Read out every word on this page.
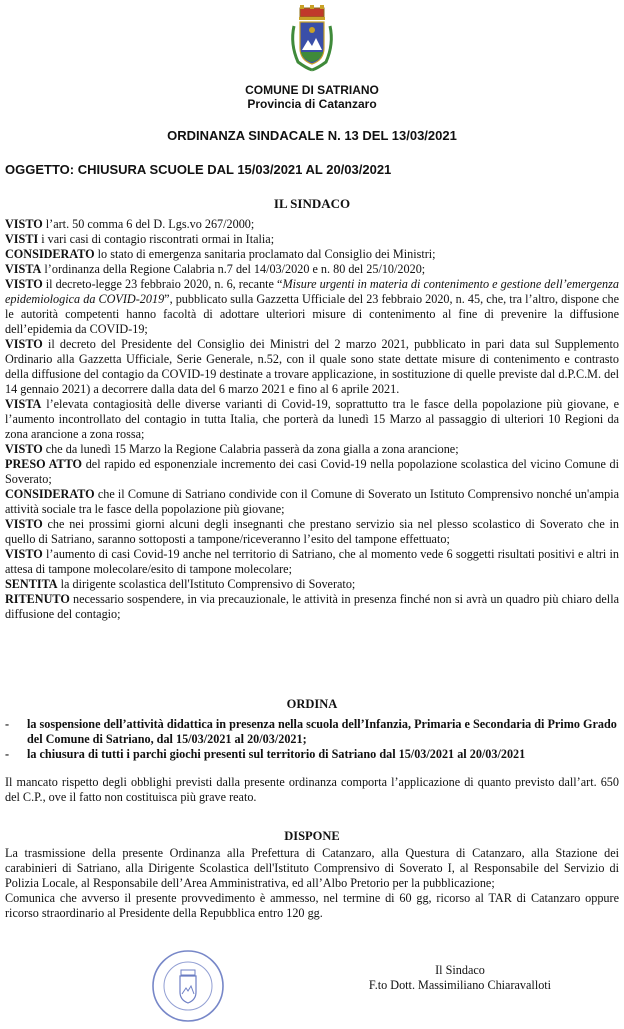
COMUNE DI SATRIANO
Provincia di Catanzaro
ORDINANZA SINDACALE N. 13 DEL 13/03/2021
OGGETTO: CHIUSURA SCUOLE DAL 15/03/2021 AL 20/03/2021
IL SINDACO

VISTO l’art. 50 comma 6 del D. Lgs.vo 267/2000;

VISTI i vari casi di contagio riscontrati ormai in Italia;

CONSIDERATO lo stato di emergenza sanitaria proclamato dal Consiglio dei Ministri;

VISTA l’ordinanza della Regione Calabria n.7 del 14/03/2020 e n. 80 del 25/10/2020;

VISTO il decreto-legge 23 febbraio 2020, n. 6, recante “Misure urgenti in materia di contenimento e gestione dell’emergenza epidemiologica da COVID-2019”, pubblicato sulla Gazzetta Ufficiale del 23 febbraio 2020, n. 45, che, tra l’altro, dispone che le autorità competenti hanno facoltà di adottare ulteriori misure di contenimento al fine di prevenire la diffusione dell’epidemia da COVID-19;

VISTO il decreto del Presidente del Consiglio dei Ministri del 2 marzo 2021, pubblicato in pari data sul Supplemento Ordinario alla Gazzetta Ufficiale, Serie Generale, n.52, con il quale sono state dettate misure di contenimento e contrasto della diffusione del contagio da COVID-19 destinate a trovare applicazione, in sostituzione di quelle previste dal d.P.C.M. del 14 gennaio 2021) a decorrere dalla data del 6 marzo 2021 e fino al 6 aprile 2021.

VISTA l’elevata contagiosità delle diverse varianti di Covid-19, soprattutto tra le fasce della popolazione più giovane, e l’aumento incontrollato del contagio in tutta Italia, che porterà da lunedì 15 Marzo al passaggio di ulteriori 10 Regioni da zona arancione a zona rossa;

VISTO che da lunedì 15 Marzo la Regione Calabria passerà da zona gialla a zona arancione;

PRESO ATTO del rapido ed esponenziale incremento dei casi Covid-19 nella popolazione scolastica del vicino Comune di Soverato;

CONSIDERATO che il Comune di Satriano condivide con il Comune di Soverato un Istituto Comprensivo nonché un'ampia attività sociale tra le fasce della popolazione più giovane;

VISTO che nei prossimi giorni alcuni degli insegnanti che prestano servizio sia nel plesso scolastico di Soverato che in quello di Satriano, saranno sottoposti a tampone/riceveranno l’esito del tampone effettuato;

VISTO l’aumento di casi Covid-19 anche nel territorio di Satriano, che al momento vede 6 soggetti risultati positivi e altri in attesa di tampone molecolare/esito di tampone molecolare;

SENTITA la dirigente scolastica dell'Istituto Comprensivo di Soverato;

RITENUTO necessario sospendere, in via precauzionale, le attività in presenza finché non si avrà un quadro più chiaro della diffusione del contagio;

ORDINA
-	la sospensione dell’attività didattica in presenza nella scuola dell’Infanzia, Primaria e Secondaria di Primo Grado del Comune di Satriano, dal 15/03/2021 al 20/03/2021;
-	la chiusura di tutti i parchi giochi presenti sul territorio di Satriano dal 15/03/2021 al 20/03/2021

Il mancato rispetto degli obblighi previsti dalla presente ordinanza comporta l’applicazione di quanto previsto dall’art. 650 del C.P., ove il fatto non costituisca più grave reato.

DISPONE

La trasmissione della presente Ordinanza alla Prefettura di Catanzaro, alla Questura di Catanzaro, alla Stazione dei carabinieri di Satriano, alla Dirigente Scolastica dell'Istituto Comprensivo di Soverato I, al Responsabile del Servizio di Polizia Locale, al Responsabile dell’Area Amministrativa, ed all’Albo Pretorio per la pubblicazione;

Comunica che avverso il presente provvedimento è ammesso, nel termine di 60 gg, ricorso al TAR di Catanzaro oppure ricorso straordinario al Presidente della Repubblica entro 120 gg.

Il Sindaco
F.to Dott. Massimiliano Chiaravalloti
